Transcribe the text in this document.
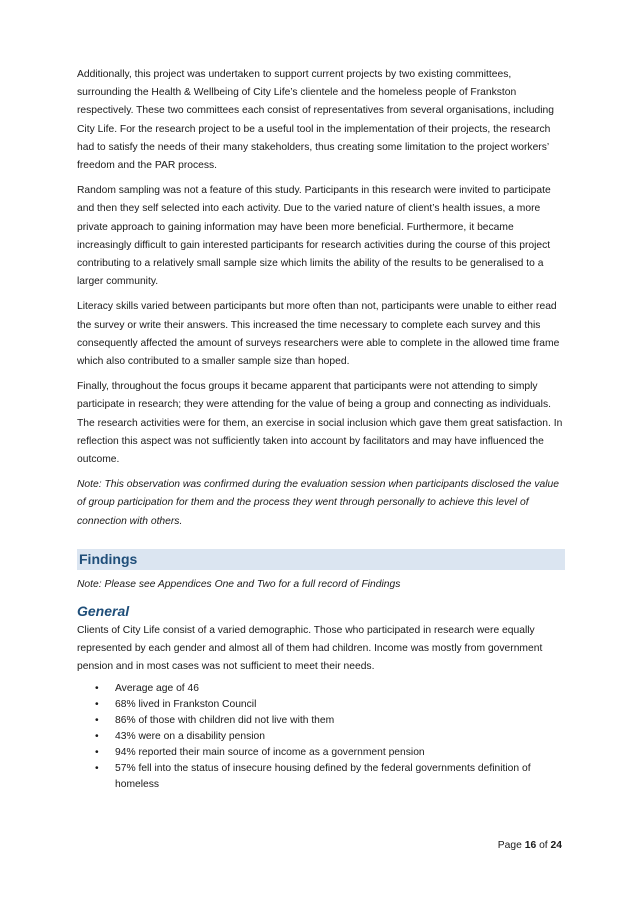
Additionally, this project was undertaken to support current projects by two existing committees, surrounding the Health & Wellbeing of City Life’s clientele and the homeless people of Frankston respectively. These two committees each consist of representatives from several organisations, including City Life. For the research project to be a useful tool in the implementation of their projects, the research had to satisfy the needs of their many stakeholders, thus creating some limitation to the project workers’ freedom and the PAR process.

Random sampling was not a feature of this study. Participants in this research were invited to participate and then they self selected into each activity. Due to the varied nature of client’s health issues, a more private approach to gaining information may have been more beneficial. Furthermore, it became increasingly difficult to gain interested participants for research activities during the course of this project contributing to a relatively small sample size which limits the ability of the results to be generalised to a larger community.

Literacy skills varied between participants but more often than not, participants were unable to either read the survey or write their answers. This increased the time necessary to complete each survey and this consequently affected the amount of surveys researchers were able to complete in the allowed time frame which also contributed to a smaller sample size than hoped.

Finally, throughout the focus groups it became apparent that participants were not attending to simply participate in research; they were attending for the value of being a group and connecting as individuals. The research activities were for them, an exercise in social inclusion which gave them great satisfaction. In reflection this aspect was not sufficiently taken into account by facilitators and may have influenced the outcome.

Note: This observation was confirmed during the evaluation session when participants disclosed the value of group participation for them and the process they went through personally to achieve this level of connection with others.

Findings

Note: Please see Appendices One and Two for a full record of Findings

General

Clients of City Life consist of a varied demographic. Those who participated in research were equally represented by each gender and almost all of them had children. Income was mostly from government pension and in most cases was not sufficient to meet their needs.

• Average age of 46
• 68% lived in Frankston Council
• 86% of those with children did not live with them
• 43% were on a disability pension
• 94% reported their main source of income as a government pension
• 57% fell into the status of insecure housing defined by the federal governments definition of homeless
Page 16 of 24
